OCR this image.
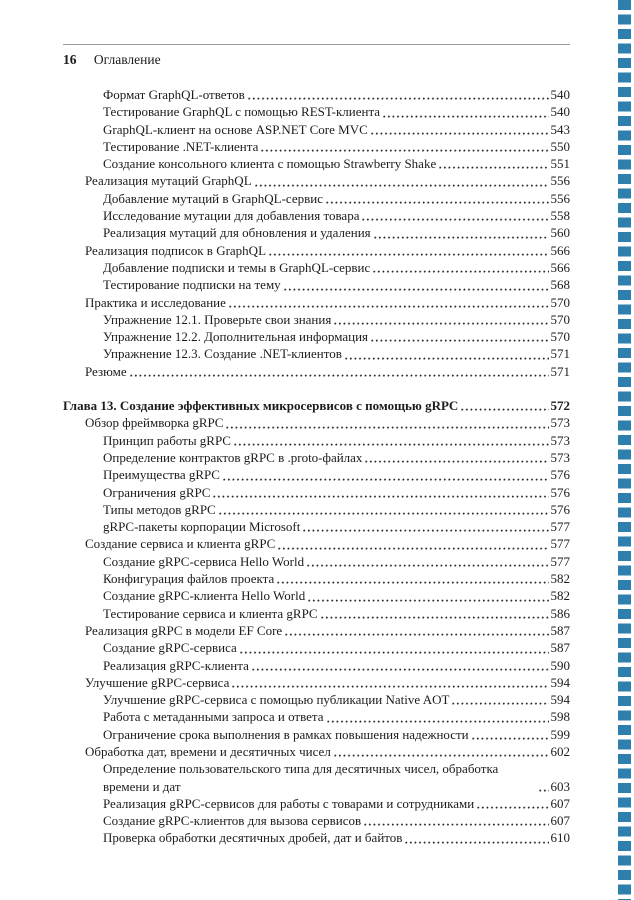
16 Оглавление
Формат GraphQL-ответов	540
Тестирование GraphQL с помощью REST-клиента	540
GraphQL-клиент на основе ASP.NET Core MVC	543
Тестирование .NET-клиента	550
Создание консольного клиента с помощью Strawberry Shake	551
Реализация мутаций GraphQL	556
Добавление мутаций в GraphQL-сервис	556
Исследование мутации для добавления товара	558
Реализация мутаций для обновления и удаления	560
Реализация подписок в GraphQL	566
Добавление подписки и темы в GraphQL-сервис	566
Тестирование подписки на тему	568
Практика и исследование	570
Упражнение 12.1. Проверьте свои знания	570
Упражнение 12.2. Дополнительная информация	570
Упражнение 12.3. Создание .NET-клиентов	571
Резюме	571
Глава 13. Создание эффективных микросервисов с помощью gRPC	572
Обзор фреймворка gRPC	573
Принцип работы gRPC	573
Определение контрактов gRPC в .proto-файлах	573
Преимущества gRPC	576
Ограничения gRPC	576
Типы методов gRPC	576
gRPC-пакеты корпорации Microsoft	577
Создание сервиса и клиента gRPC	577
Создание gRPC-сервиса Hello World	577
Конфигурация файлов проекта	582
Создание gRPC-клиента Hello World	582
Тестирование сервиса и клиента gRPC	586
Реализация gRPC в модели EF Core	587
Создание gRPC-сервиса	587
Реализация gRPC-клиента	590
Улучшение gRPC-сервиса	594
Улучшение gRPC-сервиса с помощью публикации Native AOT	594
Работа с метаданными запроса и ответа	598
Ограничение срока выполнения в рамках повышения надежности	599
Обработка дат, времени и десятичных чисел	602
Определение пользовательского типа для десятичных чисел, обработка времени и дат	603
Реализация gRPC-сервисов для работы с товарами и сотрудниками	607
Создание gRPC-клиентов для вызова сервисов	607
Проверка обработки десятичных дробей, дат и байтов	610
